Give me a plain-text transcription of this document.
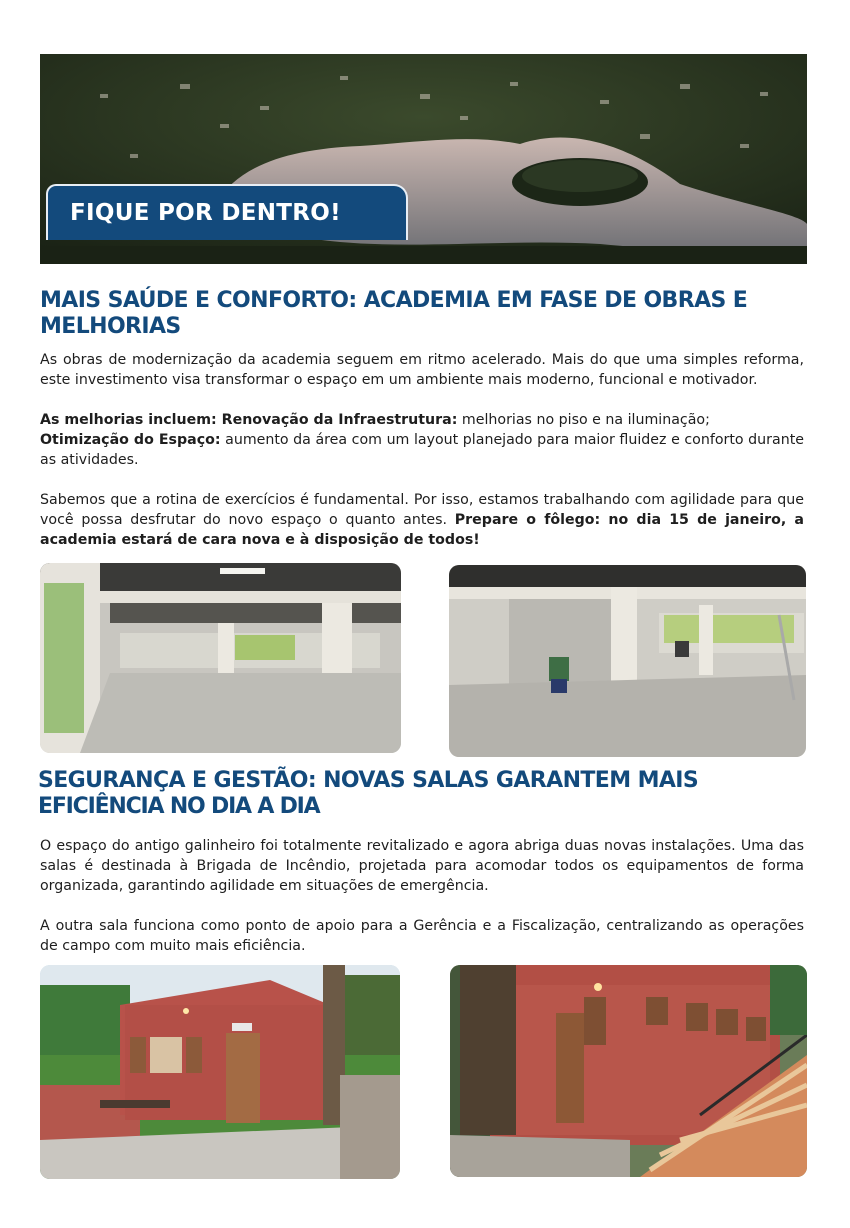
FIQUE POR DENTRO!
MAIS SAÚDE E CONFORTO: ACADEMIA EM FASE DE OBRAS E MELHORIAS

As obras de modernização da academia seguem em ritmo acelerado. Mais do que uma simples reforma, este investimento visa transformar o espaço em um ambiente mais moderno, funcional e motivador.

As melhorias incluem: Renovação da Infraestrutura: melhorias no piso e na iluminação;
Otimização do Espaço: aumento da área com um layout planejado para maior fluidez e conforto durante as atividades.

Sabemos que a rotina de exercícios é fundamental. Por isso, estamos trabalhando com agilidade para que você possa desfrutar do novo espaço o quanto antes. Prepare o fôlego: no dia 15 de janeiro, a academia estará de cara nova e à disposição de todos!

SEGURANÇA E GESTÃO: NOVAS SALAS GARANTEM MAIS
EFICIÊNCIA NO DIA A DIA

O espaço do antigo galinheiro foi totalmente revitalizado e agora abriga duas novas instalações. Uma das salas é destinada à Brigada de Incêndio, projetada para acomodar todos os equipamentos de forma organizada, garantindo agilidade em situações de emergência.

A outra sala funciona como ponto de apoio para a Gerência e a Fiscalização, centralizando as operações de campo com muito mais eficiência.
